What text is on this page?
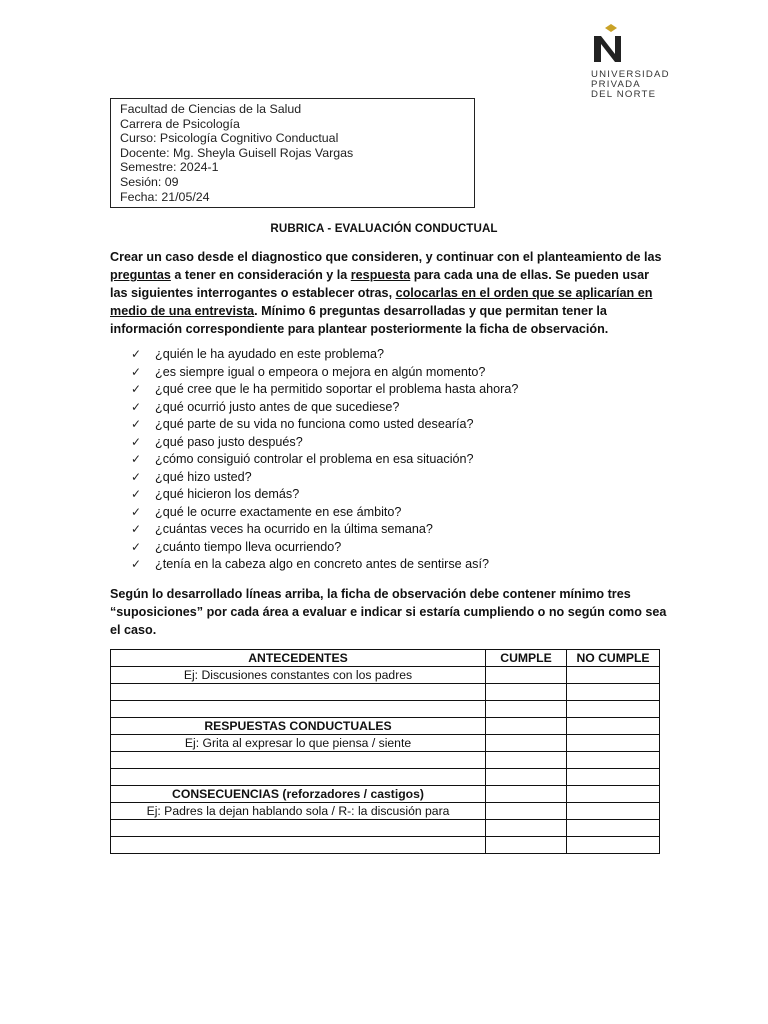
UNIVERSIDAD
PRIVADA
DEL NORTE
Facultad de Ciencias de la Salud
Carrera de Psicología
Curso: Psicología Cognitivo Conductual
Docente: Mg. Sheyla Guisell Rojas Vargas
Semestre: 2024-1
Sesión: 09
Fecha: 21/05/24
RUBRICA - EVALUACIÓN CONDUCTUAL

Crear un caso desde el diagnostico que consideren, y continuar con el planteamiento de las preguntas a tener en consideración y la respuesta para cada una de ellas. Se pueden usar las siguientes interrogantes o establecer otras, colocarlas en el orden que se aplicarían en medio de una entrevista. Mínimo 6 preguntas desarrolladas y que permitan tener la información correspondiente para plantear posteriormente la ficha de observación.

✓ ¿quién le ha ayudado en este problema?
✓ ¿es siempre igual o empeora o mejora en algún momento?
✓ ¿qué cree que le ha permitido soportar el problema hasta ahora?
✓ ¿qué ocurrió justo antes de que sucediese?
✓ ¿qué parte de su vida no funciona como usted desearía?
✓ ¿qué paso justo después?
✓ ¿cómo consiguió controlar el problema en esa situación?
✓ ¿qué hizo usted?
✓ ¿qué hicieron los demás?
✓ ¿qué le ocurre exactamente en ese ámbito?
✓ ¿cuántas veces ha ocurrido en la última semana?
✓ ¿cuánto tiempo lleva ocurriendo?
✓ ¿tenía en la cabeza algo en concreto antes de sentirse así?

Según lo desarrollado líneas arriba, la ficha de observación debe contener mínimo tres “suposiciones” por cada área a evaluar e indicar si estaría cumpliendo o no según como sea el caso.

ANTECEDENTES	CUMPLE	NO CUMPLE
Ej: Discusiones constantes con los padres		

RESPUESTAS CONDUCTUALES		
Ej: Grita al expresar lo que piensa / siente		

CONSECUENCIAS (reforzadores / castigos)		
Ej: Padres la dejan hablando sola / R-: la discusión para		
